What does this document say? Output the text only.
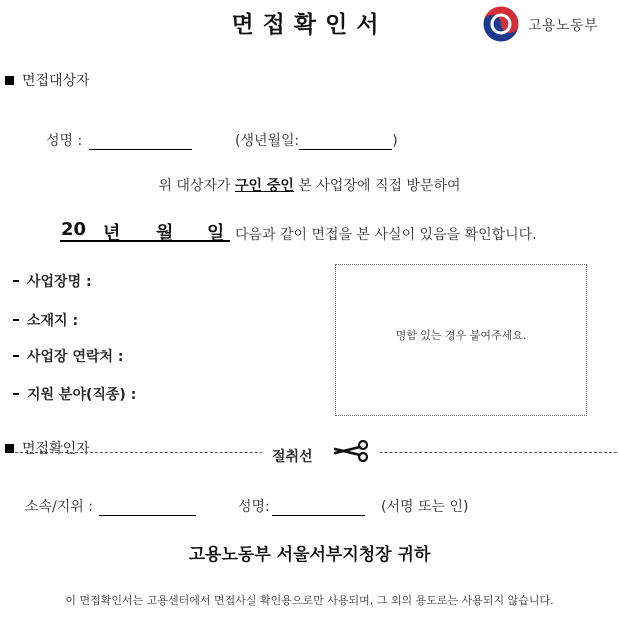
면접확인서	고용노동부
면접대상자
성명 :	(생년월일:	)
위 대상자가 구인 중인 본 사업장에 직접 방문하여
20 년 월 일 다음과 같이 면접을 본 사실이 있음을 확인합니다.
사업장명 :
소재지 :
사업장 연락처 :
지원 분야(직종) :
명함 있는 경우 붙여주세요.
면접확인자	절취선
소속/지위 :	성명:	(서명 또는 인)
고용노동부 서울서부지청장 귀하
이 면접확인서는 고용센터에서 면접사실 확인용으로만 사용되며, 그 외의 용도로는 사용되지 않습니다.
